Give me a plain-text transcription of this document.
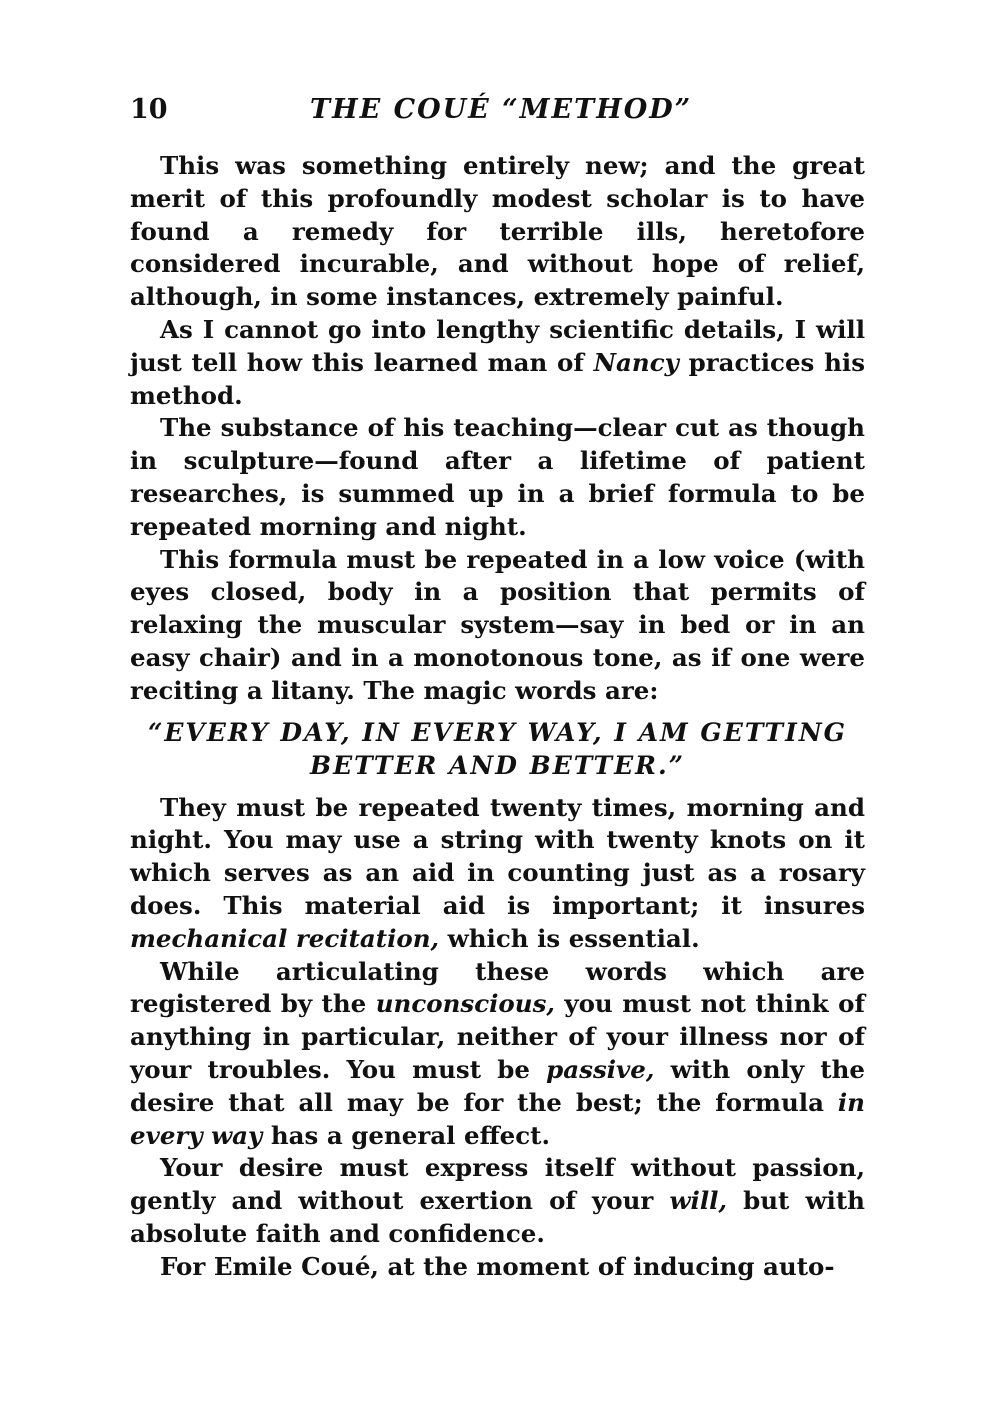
10	THE COUÉ “METHOD”

This was something entirely new; and the great merit of this profoundly modest scholar is to have found a remedy for terrible ills, heretofore considered incurable, and without hope of relief, although, in some instances, extremely painful.

As I cannot go into lengthy scientific details, I will just tell how this learned man of Nancy practices his method.

The substance of his teaching—clear cut as though in sculpture—found after a lifetime of patient researches, is summed up in a brief formula to be repeated morning and night.

This formula must be repeated in a low voice (with eyes closed, body in a position that permits of relaxing the muscular system—say in bed or in an easy chair) and in a monotonous tone, as if one were reciting a litany. The magic words are:

“EVERY DAY, IN EVERY WAY, I AM GETTING
BETTER AND BETTER.”

They must be repeated twenty times, morning and night. You may use a string with twenty knots on it which serves as an aid in counting just as a rosary does. This material aid is important; it insures mechanical recitation, which is essential.

While articulating these words which are registered by the unconscious, you must not think of anything in particular, neither of your illness nor of your troubles. You must be passive, with only the desire that all may be for the best; the formula in every way has a general effect.

Your desire must express itself without passion, gently and without exertion of your will, but with absolute faith and confidence.

For Emile Coué, at the moment of inducing auto-
